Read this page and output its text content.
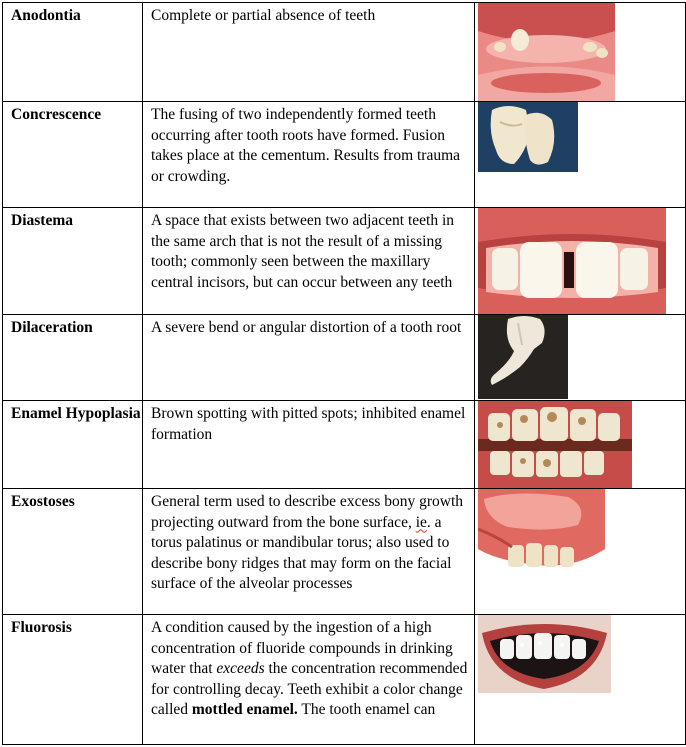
Anodontia	Complete or partial absence of teeth	

Concrescence	The fusing of two independently formed teeth occurring after tooth roots have formed. Fusion takes place at the cementum. Results from trauma or crowding.	

Diastema	A space that exists between two adjacent teeth in the same arch that is not the result of a missing tooth; commonly seen between the maxillary central incisors, but can occur between any teeth	

Dilaceration	A severe bend or angular distortion of a tooth root	

Enamel Hypoplasia	Brown spotting with pitted spots; inhibited enamel formation	

Exostoses	General term used to describe excess bony growth projecting outward from the bone surface, ie. a torus palatinus or mandibular torus; also used to describe bony ridges that may form on the facial surface of the alveolar processes	

Fluorosis	A condition caused by the ingestion of a high concentration of fluoride compounds in drinking water that exceeds the concentration recommended for controlling decay. Teeth exhibit a color change called mottled enamel. The tooth enamel can	
